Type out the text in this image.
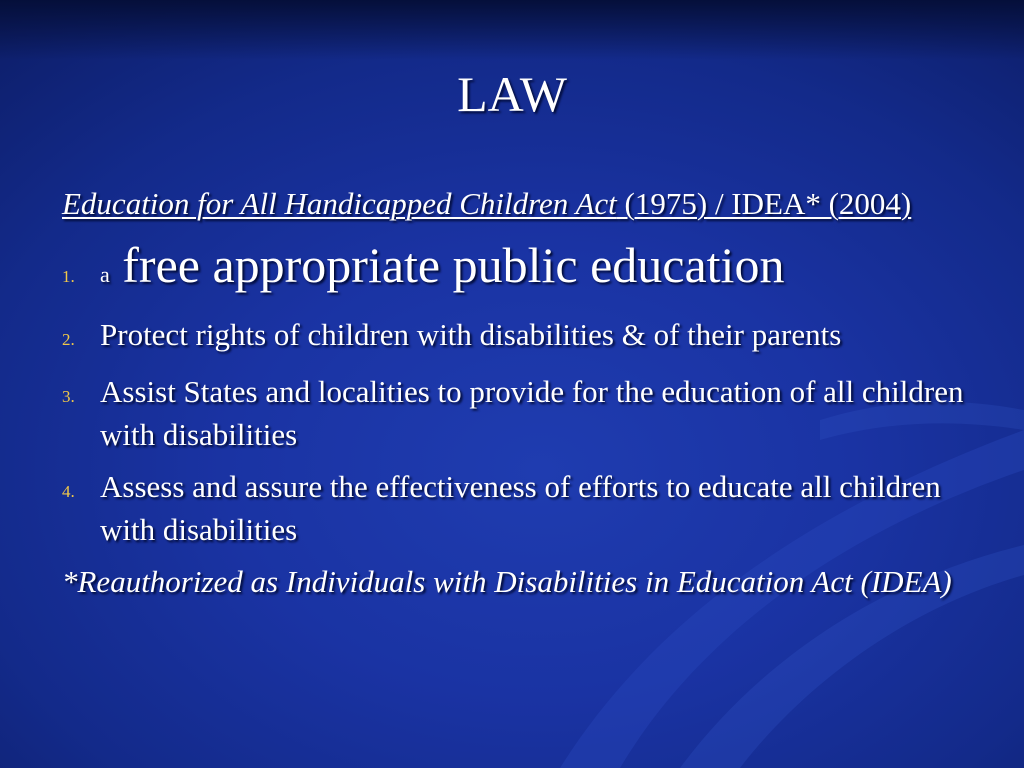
LAW
Education for All Handicapped Children Act (1975) / IDEA* (2004)
1.	a free appropriate public education
2. Protect rights of children with disabilities & of their parents
3. Assist States and localities to provide for the education of all children with disabilities
4. Assess and assure the effectiveness of efforts to educate all children with disabilities
*Reauthorized as Individuals with Disabilities in Education Act (IDEA)
